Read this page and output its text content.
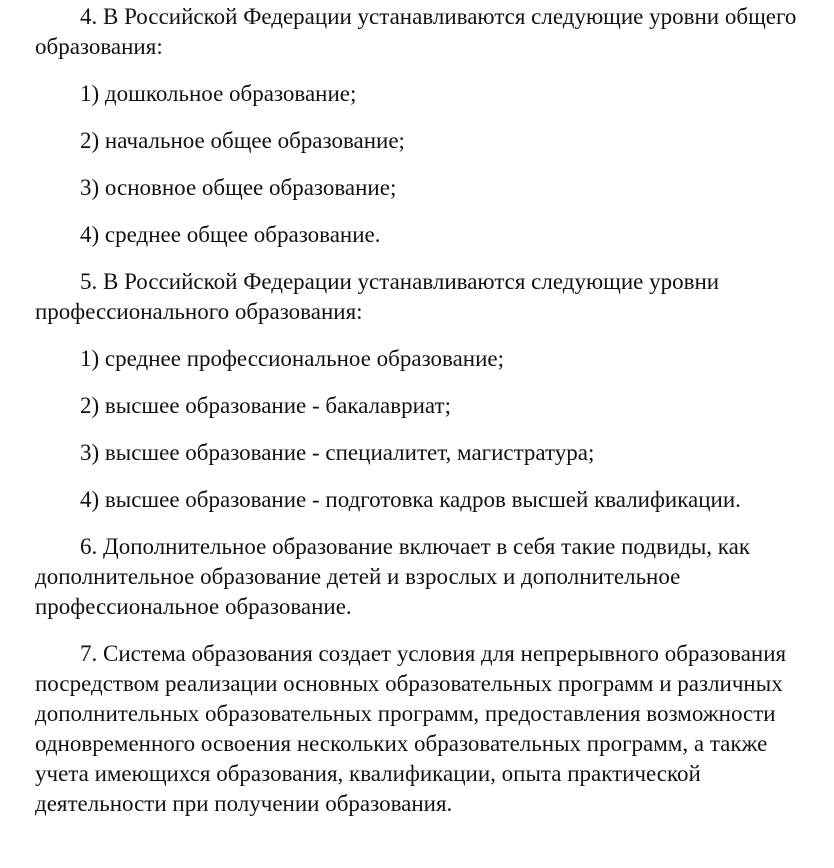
4. В Российской Федерации устанавливаются следующие уровни общего образования:

1) дошкольное образование;

2) начальное общее образование;

3) основное общее образование;

4) среднее общее образование.

5. В Российской Федерации устанавливаются следующие уровни профессионального образования:

1) среднее профессиональное образование;

2) высшее образование - бакалавриат;

3) высшее образование - специалитет, магистратура;

4) высшее образование - подготовка кадров высшей квалификации.

6. Дополнительное образование включает в себя такие подвиды, как дополнительное образование детей и взрослых и дополнительное профессиональное образование.

7. Система образования создает условия для непрерывного образования посредством реализации основных образовательных программ и различных дополнительных образовательных программ, предоставления возможности одновременного освоения нескольких образовательных программ, а также учета имеющихся образования, квалификации, опыта практической деятельности при получении образования.
